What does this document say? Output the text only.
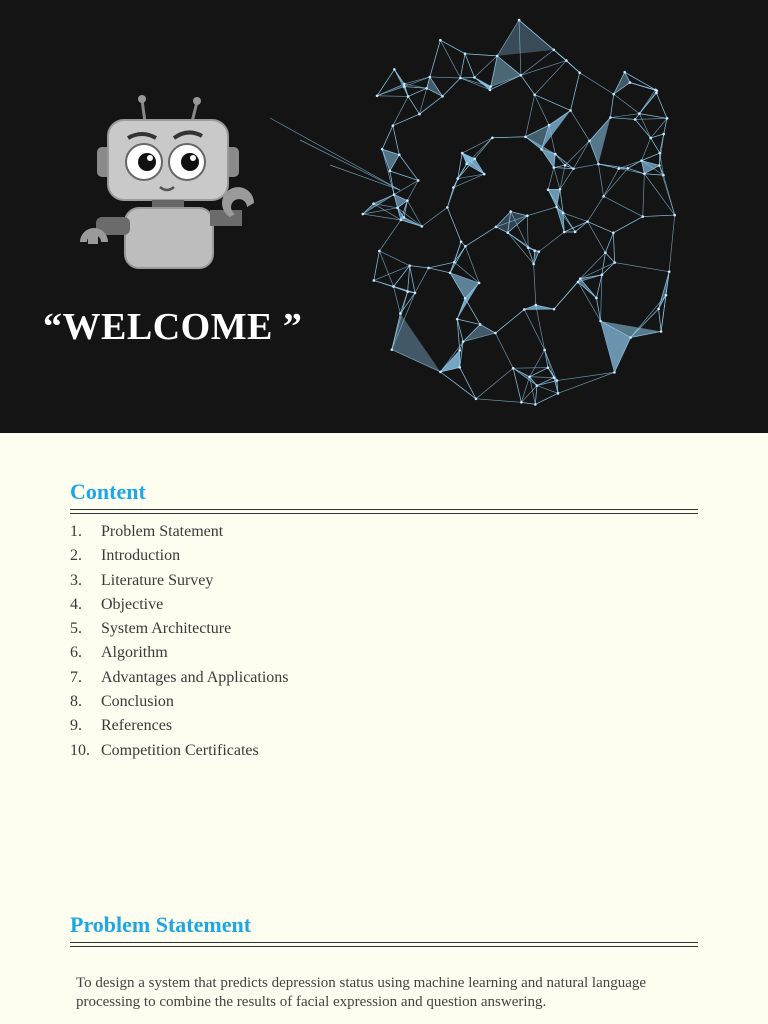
“WELCOME ”
Content
1.	Problem Statement
2.	Introduction
3.	Literature Survey
4.	Objective
5.	System Architecture
6.	Algorithm
7.	Advantages and Applications
8.	Conclusion
9.	References
10. Competition Certificates
Problem Statement
To design a system that predicts depression status using machine learning and natural language processing to combine the results of facial expression and question answering.
